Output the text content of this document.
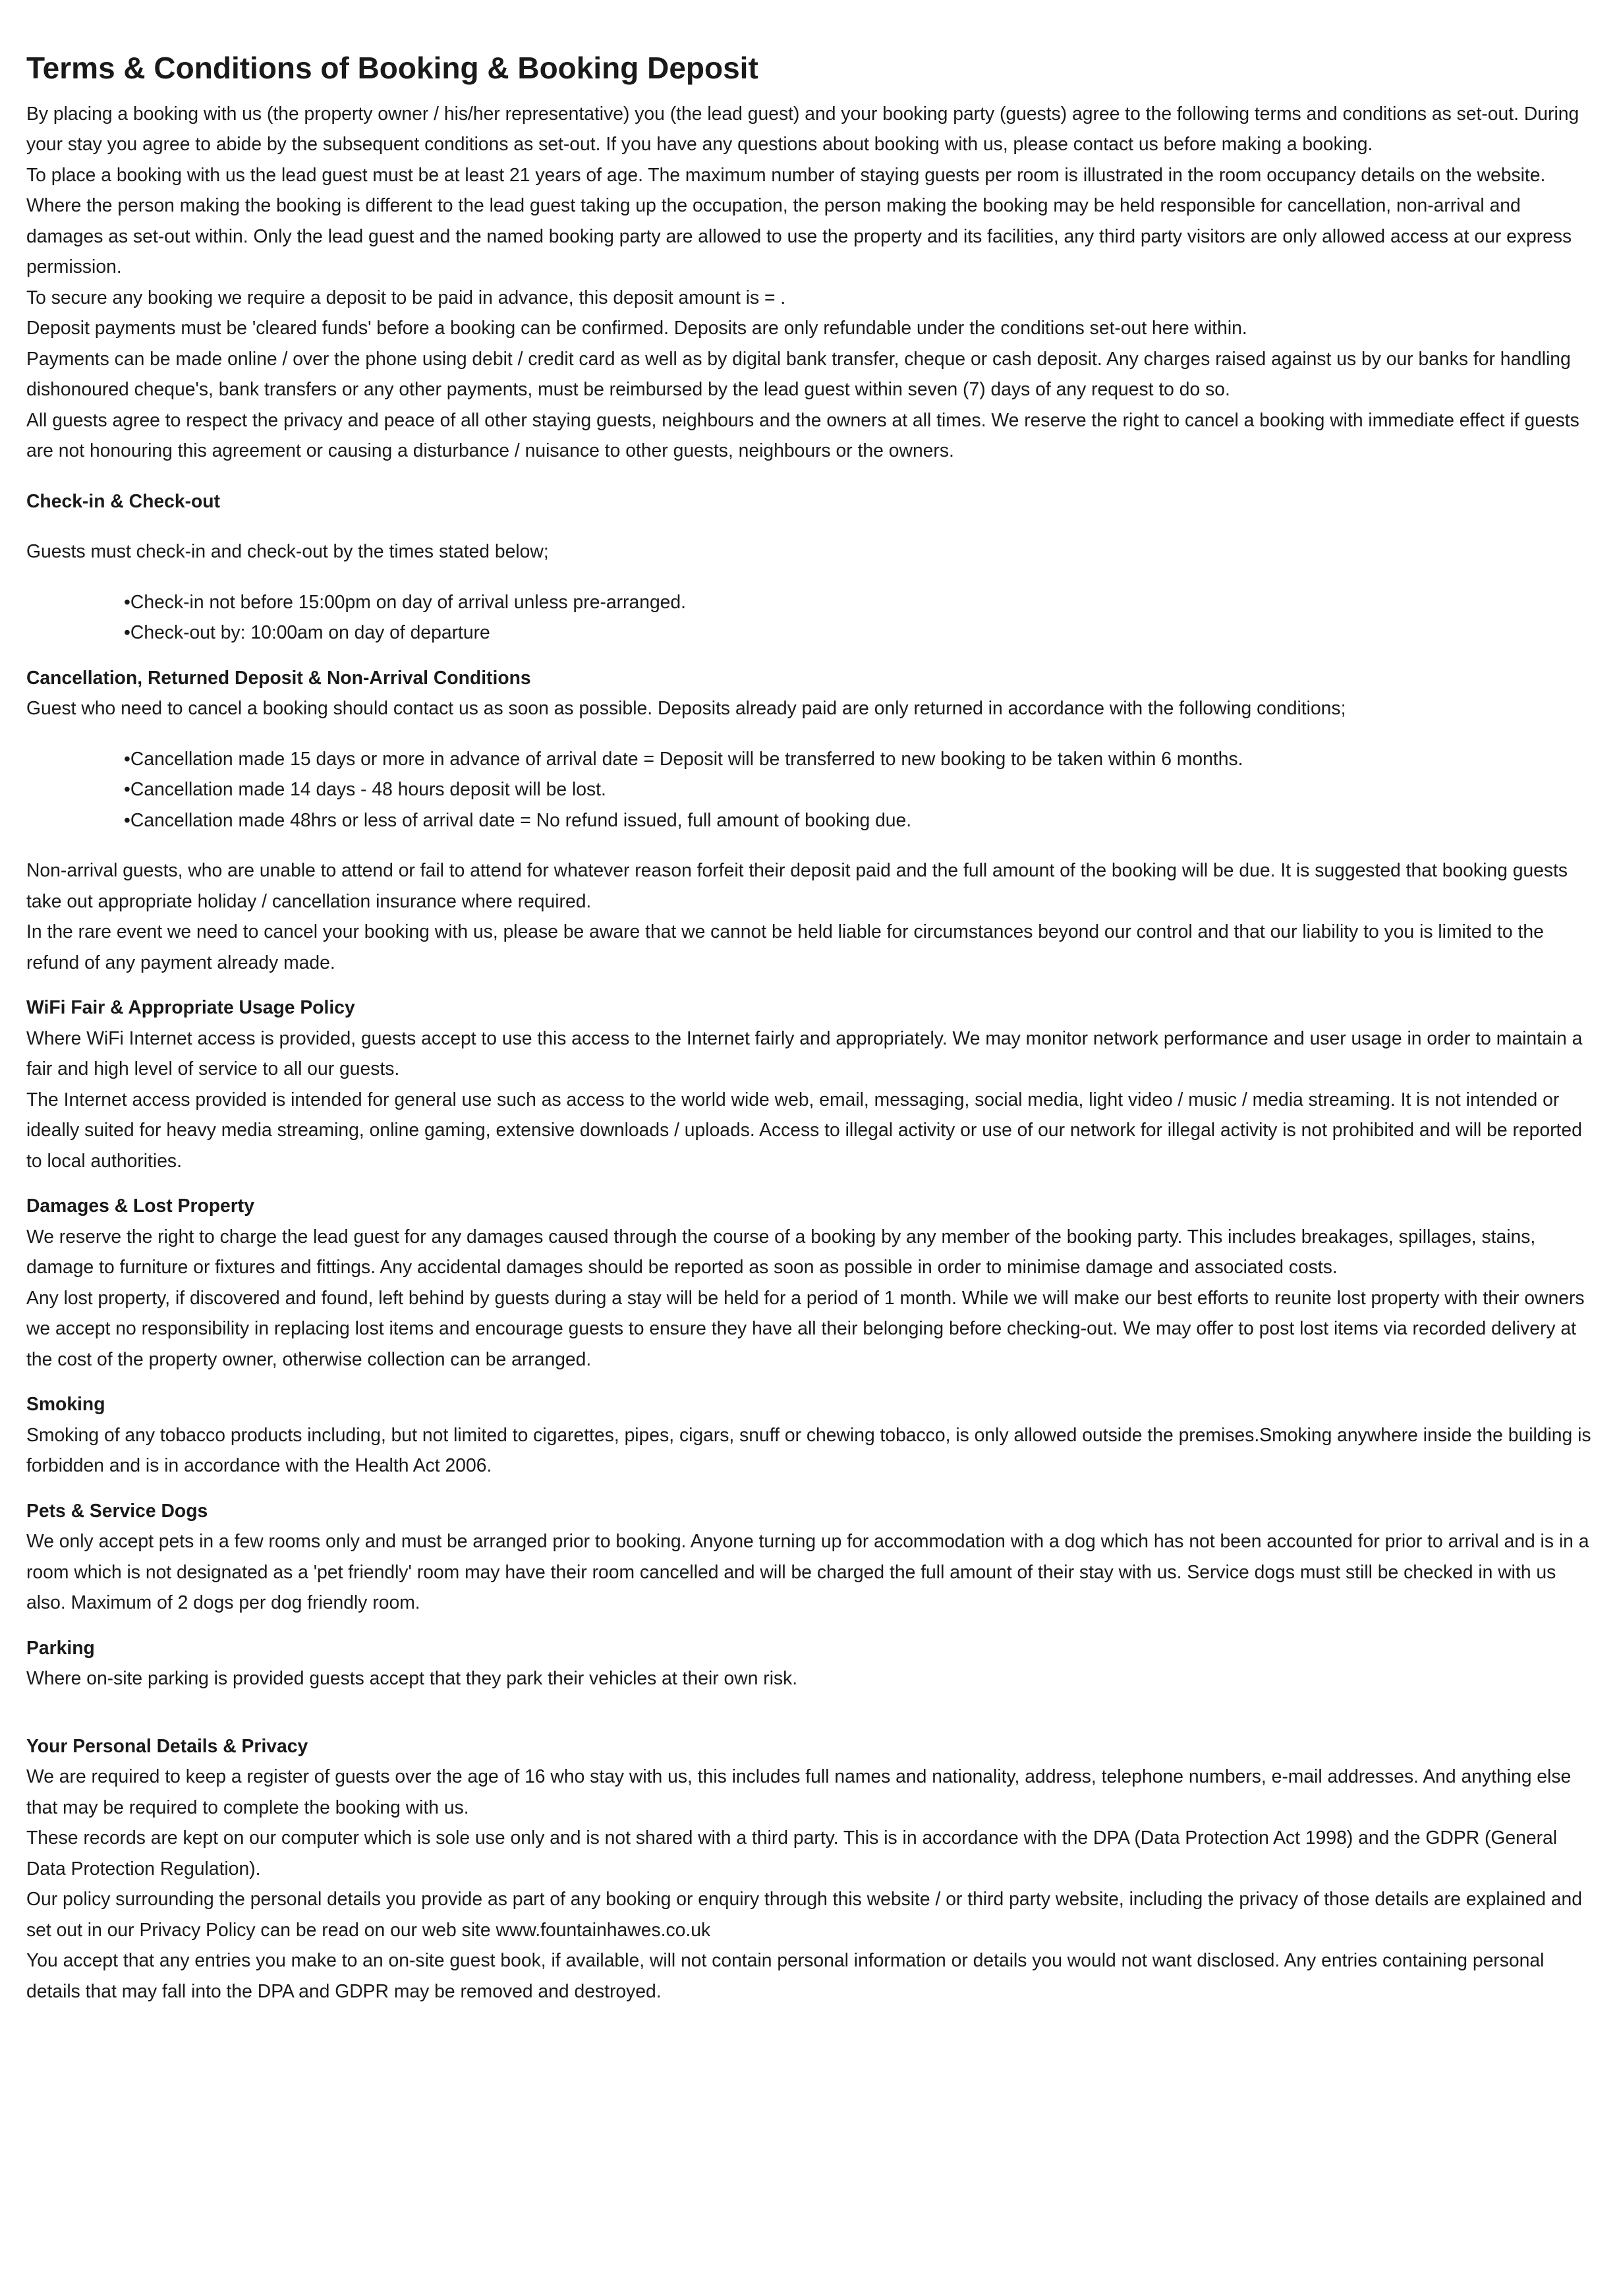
Terms & Conditions of Booking & Booking Deposit

By placing a booking with us (the property owner / his/her representative) you (the lead guest) and your booking party (guests) agree to the following terms and conditions as set-out. During your stay you agree to abide by the subsequent conditions as set-out. If you have any questions about booking with us, please contact us before making a booking.

To place a booking with us the lead guest must be at least 21 years of age. The maximum number of staying guests per room is illustrated in the room occupancy details on the website. Where the person making the booking is different to the lead guest taking up the occupation, the person making the booking may be held responsible for cancellation, non-arrival and damages as set-out within. Only the lead guest and the named booking party are allowed to use the property and its facilities, any third party visitors are only allowed access at our express permission.

To secure any booking we require a deposit to be paid in advance, this deposit amount is = .

Deposit payments must be 'cleared funds' before a booking can be confirmed. Deposits are only refundable under the conditions set-out here within.

Payments can be made online / over the phone using debit / credit card as well as by digital bank transfer, cheque or cash deposit. Any charges raised against us by our banks for handling dishonoured cheque's, bank transfers or any other payments, must be reimbursed by the lead guest within seven (7) days of any request to do so.

All guests agree to respect the privacy and peace of all other staying guests, neighbours and the owners at all times. We reserve the right to cancel a booking with immediate effect if guests are not honouring this agreement or causing a disturbance / nuisance to other guests, neighbours or the owners.

Check-in & Check-out

Guests must check-in and check-out by the times stated below;

• Check-in not before 15:00pm on day of arrival unless pre-arranged.
• Check-out by: 10:00am on day of departure
Cancellation, Returned Deposit & Non-Arrival Conditions

Guest who need to cancel a booking should contact us as soon as possible. Deposits already paid are only returned in accordance with the following conditions;

• Cancellation made 15 days or more in advance of arrival date = Deposit will be transferred to new booking to be taken within 6 months.
• Cancellation made 14 days - 48 hours deposit will be lost.
• Cancellation made 48hrs or less of arrival date = No refund issued, full amount of booking due.

Non-arrival guests, who are unable to attend or fail to attend for whatever reason forfeit their deposit paid and the full amount of the booking will be due. It is suggested that booking guests take out appropriate holiday / cancellation insurance where required.

In the rare event we need to cancel your booking with us, please be aware that we cannot be held liable for circumstances beyond our control and that our liability to you is limited to the refund of any payment already made.

WiFi Fair & Appropriate Usage Policy

Where WiFi Internet access is provided, guests accept to use this access to the Internet fairly and appropriately. We may monitor network performance and user usage in order to maintain a fair and high level of service to all our guests.

The Internet access provided is intended for general use such as access to the world wide web, email, messaging, social media, light video / music / media streaming. It is not intended or ideally suited for heavy media streaming, online gaming, extensive downloads / uploads. Access to illegal activity or use of our network for illegal activity is not prohibited and will be reported to local authorities.

Damages & Lost Property

We reserve the right to charge the lead guest for any damages caused through the course of a booking by any member of the booking party. This includes breakages, spillages, stains, damage to furniture or fixtures and fittings. Any accidental damages should be reported as soon as possible in order to minimise damage and associated costs.

Any lost property, if discovered and found, left behind by guests during a stay will be held for a period of 1 month. While we will make our best efforts to reunite lost property with their owners we accept no responsibility in replacing lost items and encourage guests to ensure they have all their belonging before checking-out. We may offer to post lost items via recorded delivery at the cost of the property owner, otherwise collection can be arranged.

Smoking

Smoking of any tobacco products including, but not limited to cigarettes, pipes, cigars, snuff or chewing tobacco, is only allowed outside the premises.Smoking anywhere inside the building is forbidden and is in accordance with the Health Act 2006.

Pets & Service Dogs

We only accept pets in a few rooms only and must be arranged prior to booking. Anyone turning up for accommodation with a dog which has not been accounted for prior to arrival and is in a room which is not designated as a 'pet friendly' room may have their room cancelled and will be charged the full amount of their stay with us. Service dogs must still be checked in with us also. Maximum of 2 dogs per dog friendly room.

Parking

Where on-site parking is provided guests accept that they park their vehicles at their own risk.

Your Personal Details & Privacy

We are required to keep a register of guests over the age of 16 who stay with us, this includes full names and nationality, address, telephone numbers, e-mail addresses. And anything else that may be required to complete the booking with us.

These records are kept on our computer which is sole use only and is not shared with a third party. This is in accordance with the DPA (Data Protection Act 1998) and the GDPR (General Data Protection Regulation).

Our policy surrounding the personal details you provide as part of any booking or enquiry through this website / or third party website, including the privacy of those details are explained and set out in our Privacy Policy can be read on our web site www.fountainhawes.co.uk

You accept that any entries you make to an on-site guest book, if available, will not contain personal information or details you would not want disclosed. Any entries containing personal details that may fall into the DPA and GDPR may be removed and destroyed.
